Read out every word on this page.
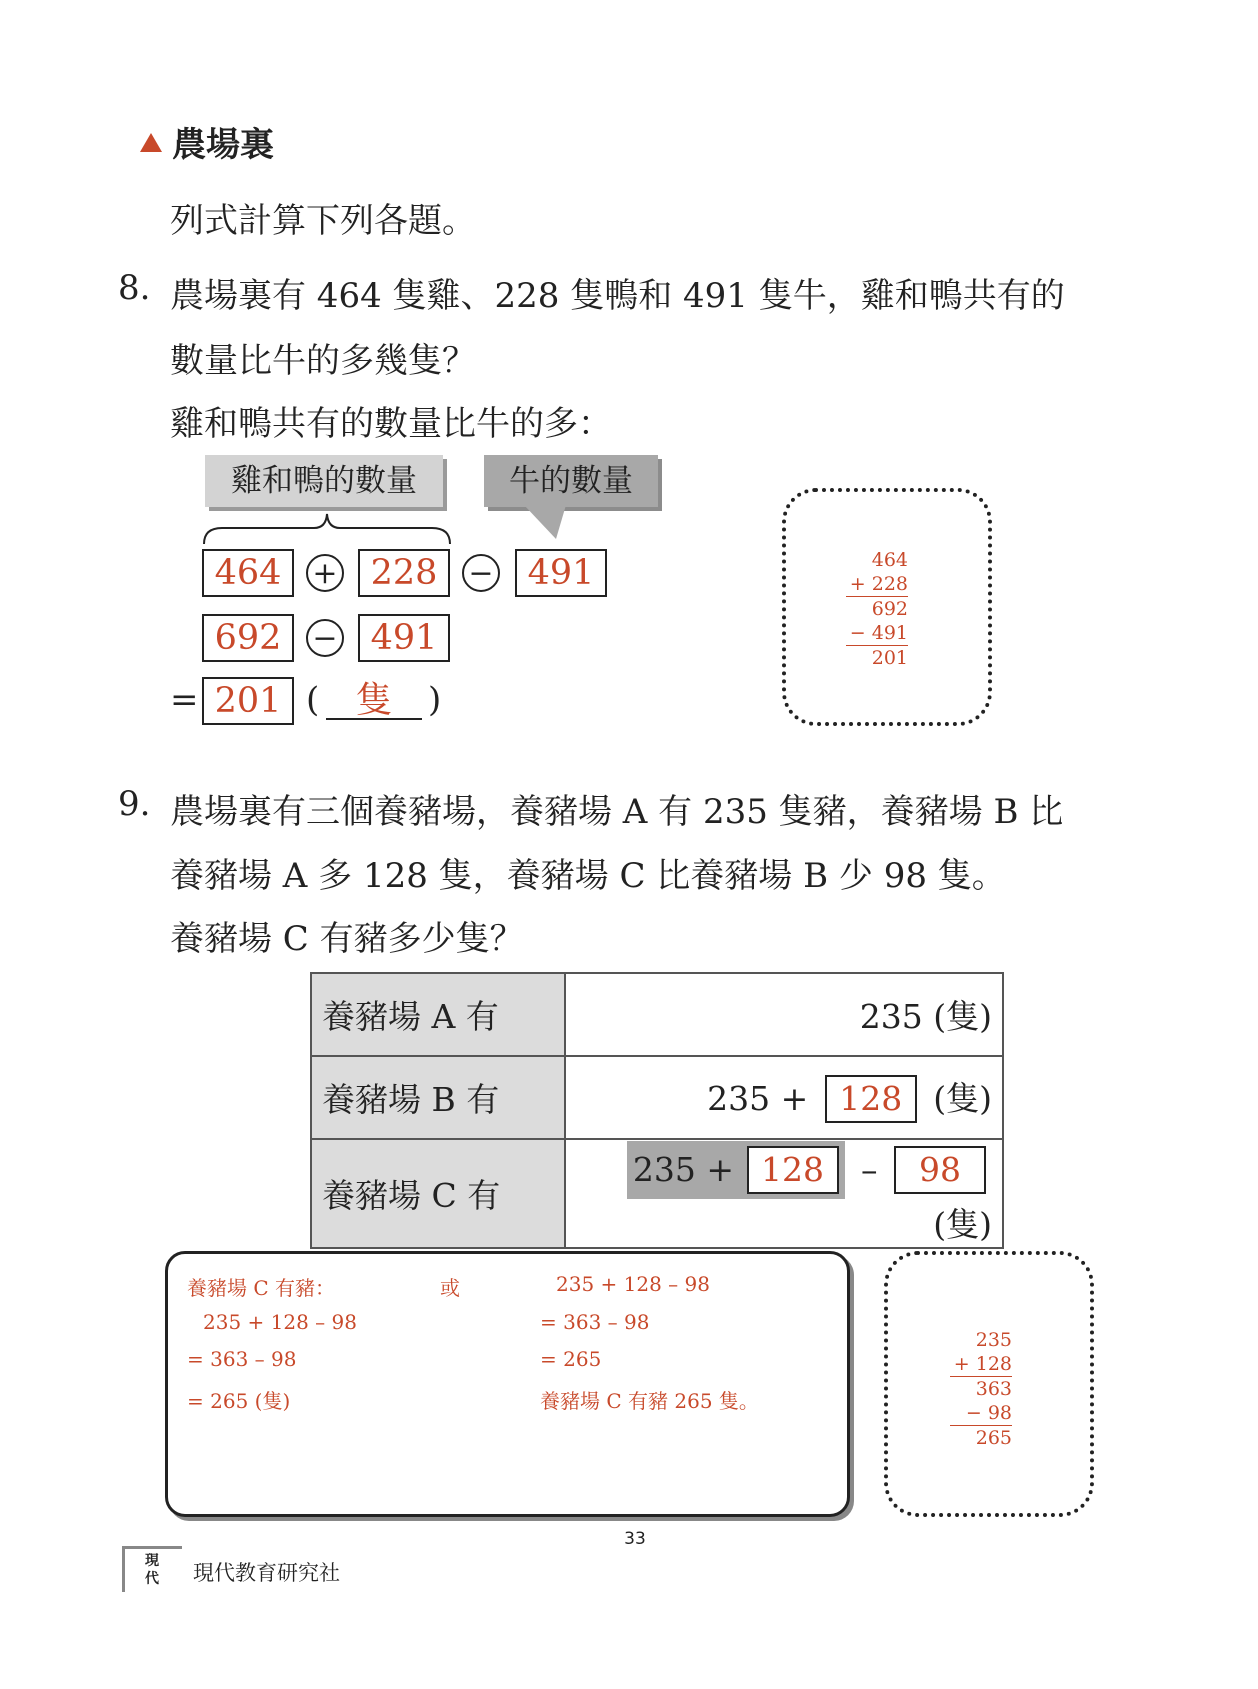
農場裏
列式計算下列各題。
8. 農場裏有 464 隻雞、228 隻鴨和 491 隻牛，雞和鴨共有的
數量比牛的多幾隻？
雞和鴨共有的數量比牛的多：
雞和鴨的數量	牛的數量
464	+ 228	− 491
692	− 491
= 201 (	隻	)
464
+ 228
692
− 491
201
9. 農場裏有三個養豬場，養豬場 A 有 235 隻豬，養豬場 B 比
養豬場 A 多 128 隻，養豬場 C 比養豬場 B 少 98 隻。
養豬場 C 有豬多少隻？
養豬場 A 有	235 (隻)
養豬場 B 有	235 + 128 (隻)
養豬場 C 有	235 + 128 – 98 (隻)
養豬場 C 有豬：
235 + 128 – 98
= 363 – 98
= 265 (隻)
或	235 + 128 – 98
= 363 – 98
= 265
養豬場 C 有豬 265 隻。
235
+ 128
363
− 98
265
33
現代 現代教育研究社
